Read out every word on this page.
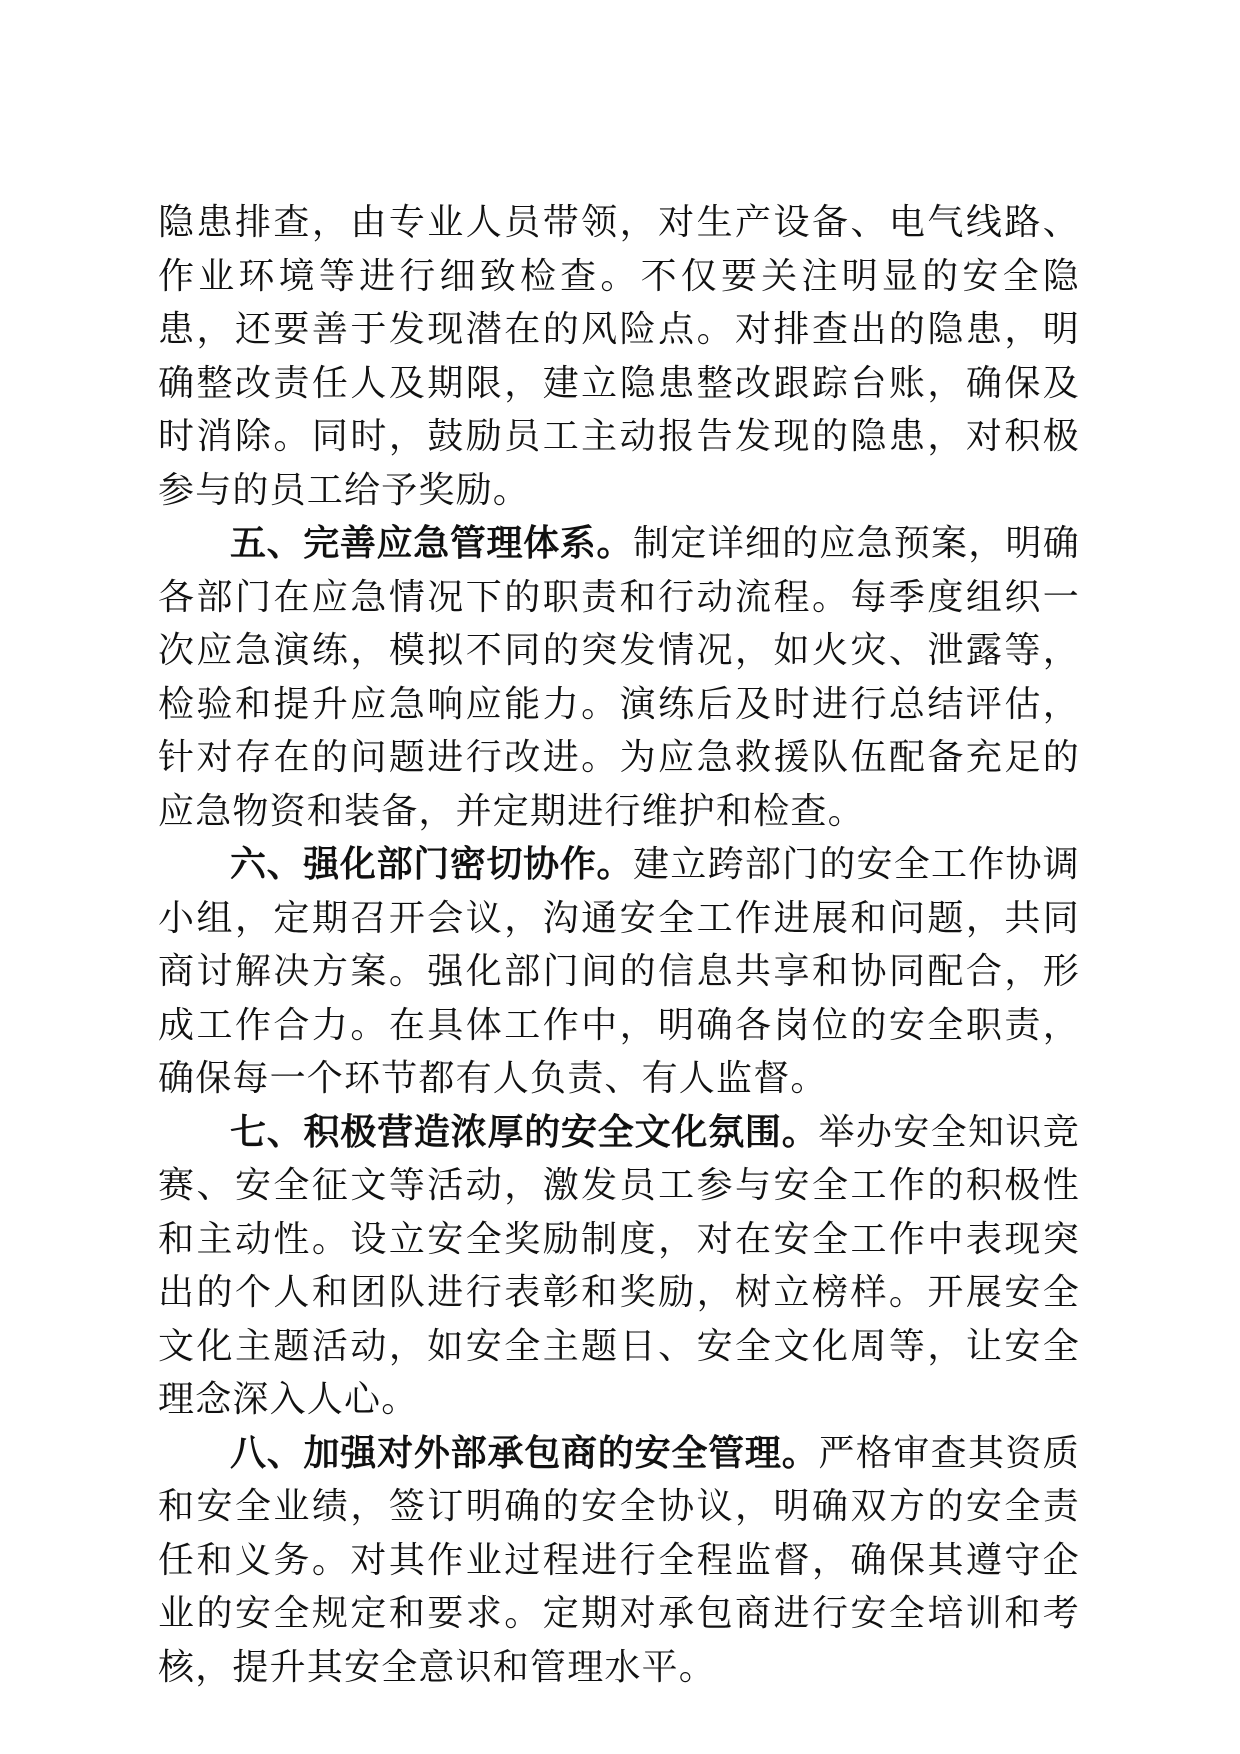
隐患排查，由专业人员带领，对生产设备、电气线路、作业环境等进行细致检查。不仅要关注明显的安全隐患，还要善于发现潜在的风险点。对排查出的隐患，明确整改责任人及期限，建立隐患整改跟踪台账，确保及时消除。同时，鼓励员工主动报告发现的隐患，对积极参与的员工给予奖励。

五、完善应急管理体系。制定详细的应急预案，明确各部门在应急情况下的职责和行动流程。每季度组织一次应急演练，模拟不同的突发情况，如火灾、泄露等，检验和提升应急响应能力。演练后及时进行总结评估，针对存在的问题进行改进。为应急救援队伍配备充足的应急物资和装备，并定期进行维护和检查。

六、强化部门密切协作。建立跨部门的安全工作协调小组，定期召开会议，沟通安全工作进展和问题，共同商讨解决方案。强化部门间的信息共享和协同配合，形成工作合力。在具体工作中，明确各岗位的安全职责，确保每一个环节都有人负责、有人监督。

七、积极营造浓厚的安全文化氛围。举办安全知识竞赛、安全征文等活动，激发员工参与安全工作的积极性和主动性。设立安全奖励制度，对在安全工作中表现突出的个人和团队进行表彰和奖励，树立榜样。开展安全文化主题活动，如安全主题日、安全文化周等，让安全理念深入人心。

八、加强对外部承包商的安全管理。严格审查其资质和安全业绩，签订明确的安全协议，明确双方的安全责任和义务。对其作业过程进行全程监督，确保其遵守企业的安全规定和要求。定期对承包商进行安全培训和考核，提升其安全意识和管理水平。
